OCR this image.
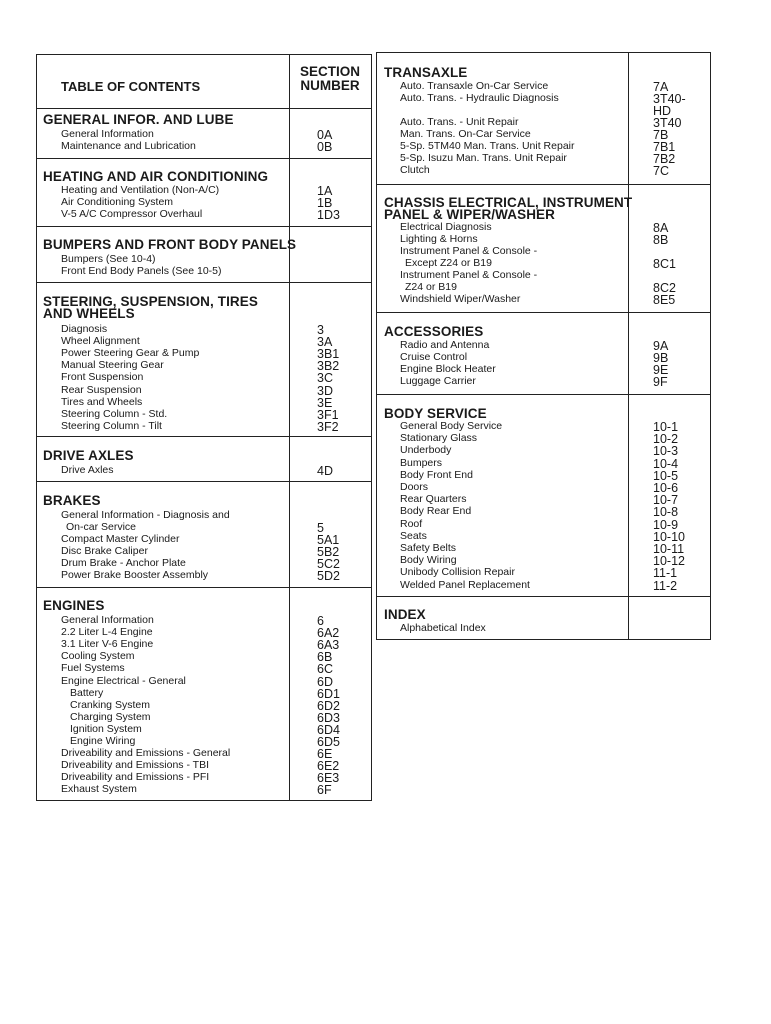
TABLE OF CONTENTS
SECTION
NUMBER
GENERAL INFOR. AND LUBE
General Information	0A
Maintenance and Lubrication	0B
HEATING AND AIR CONDITIONING
Heating and Ventilation (Non-A/C)	1A
Air Conditioning System	1B
V-5 A/C Compressor Overhaul	1D3
BUMPERS AND FRONT BODY PANELS
Bumpers (See 10-4)
Front End Body Panels (See 10-5)
STEERING, SUSPENSION, TIRES
AND WHEELS
Diagnosis	3
Wheel Alignment	3A
Power Steering Gear & Pump	3B1
Manual Steering Gear	3B2
Front Suspension	3C
Rear Suspension	3D
Tires and Wheels	3E
Steering Column - Std.	3F1
Steering Column - Tilt	3F2
DRIVE AXLES
Drive Axles	4D
BRAKES
General Information - Diagnosis and
On-car Service	5
Compact Master Cylinder	5A1
Disc Brake Caliper	5B2
Drum Brake - Anchor Plate	5C2
Power Brake Booster Assembly	5D2
ENGINES
General Information	6
2.2 Liter L-4 Engine	6A2
3.1 Liter V-6 Engine	6A3
Cooling System	6B
Fuel Systems	6C
Engine Electrical - General	6D
Battery	6D1
Cranking System	6D2
Charging System	6D3
Ignition System	6D4
Engine Wiring	6D5
Driveability and Emissions - General	6E
Driveability and Emissions - TBI	6E2
Driveability and Emissions - PFI	6E3
Exhaust System	6F
TRANSAXLE
Auto. Transaxle On-Car Service	7A
Auto. Trans. - Hydraulic Diagnosis	3T40-
HD
Auto. Trans. - Unit Repair	3T40
Man. Trans. On-Car Service	7B
5-Sp. 5TM40 Man. Trans. Unit Repair	7B1
5-Sp. Isuzu Man. Trans. Unit Repair	7B2
Clutch	7C
CHASSIS ELECTRICAL, INSTRUMENT
PANEL & WIPER/WASHER
Electrical Diagnosis	8A
Lighting & Horns	8B
Instrument Panel & Console -
Except Z24 or B19	8C1
Instrument Panel & Console -
Z24 or B19	8C2
Windshield Wiper/Washer	8E5
ACCESSORIES
Radio and Antenna	9A
Cruise Control	9B
Engine Block Heater	9E
Luggage Carrier	9F
BODY SERVICE
General Body Service	10-1
Stationary Glass	10-2
Underbody	10-3
Bumpers	10-4
Body Front End	10-5
Doors	10-6
Rear Quarters	10-7
Body Rear End	10-8
Roof	10-9
Seats	10-10
Safety Belts	10-11
Body Wiring	10-12
Unibody Collision Repair	11-1
Welded Panel Replacement	11-2
INDEX
Alphabetical Index
